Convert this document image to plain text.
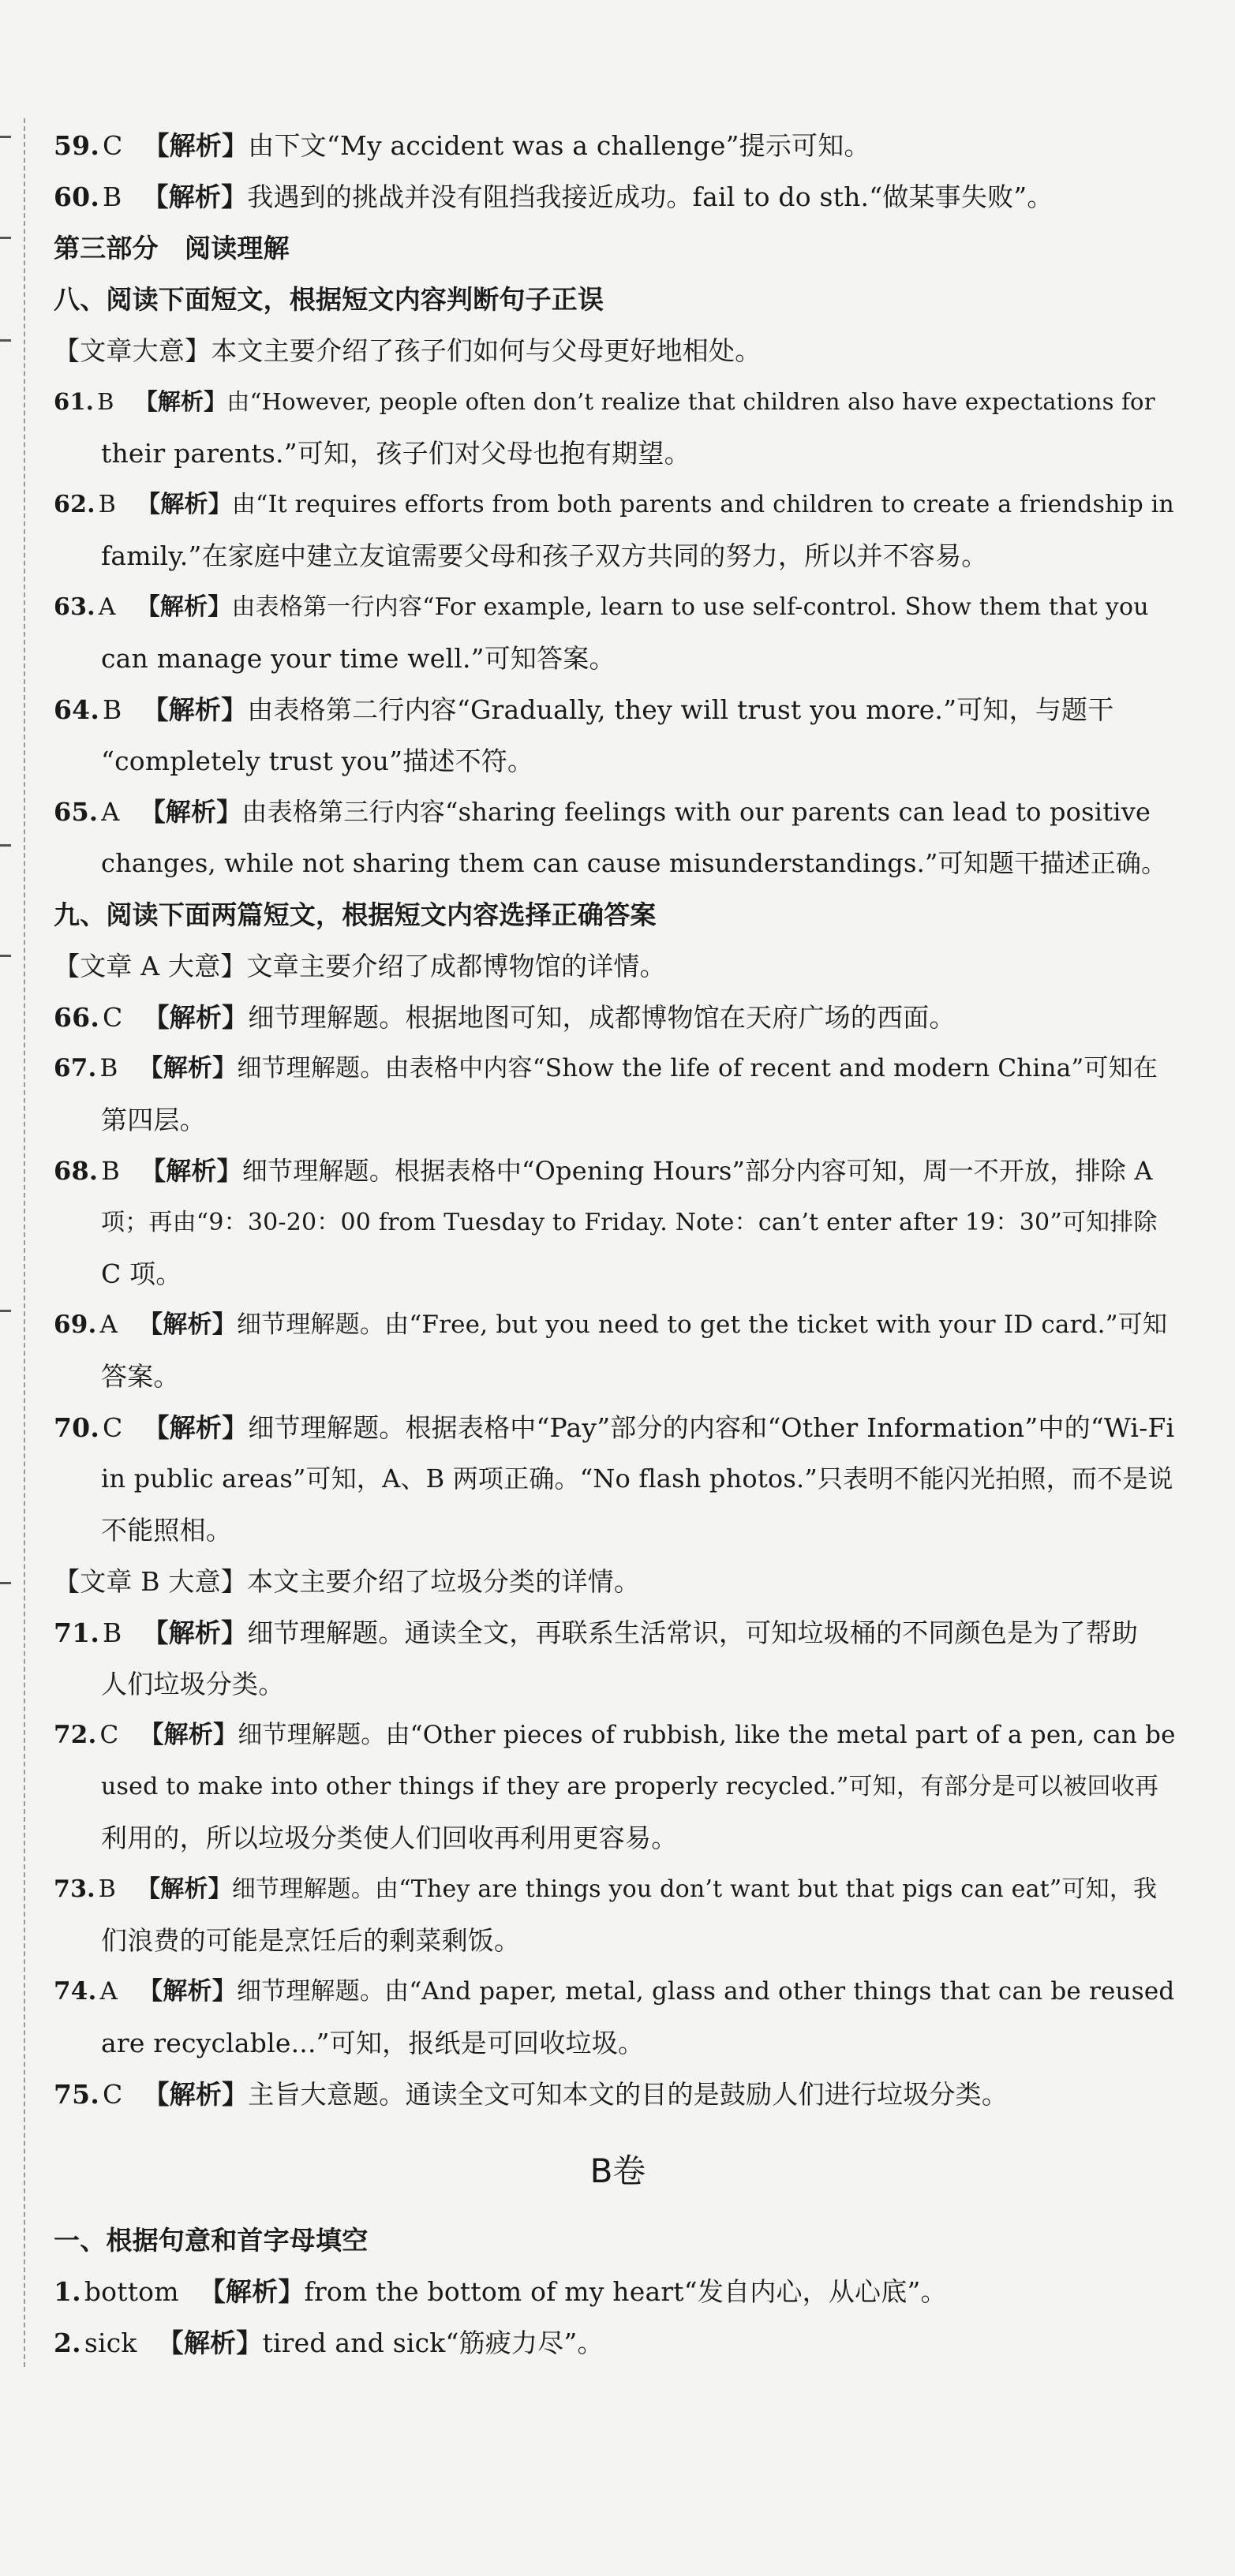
59. C 【解析】由下文“My accident was a challenge”提示可知。
60. B 【解析】我遇到的挑战并没有阻挡我接近成功。fail to do sth.“做某事失败”。
第三部分　阅读理解
八、阅读下面短文，根据短文内容判断句子正误
【文章大意】本文主要介绍了孩子们如何与父母更好地相处。
61. B 【解析】由“However, people often don’t realize that children also have expectations for
their parents.”可知，孩子们对父母也抱有期望。
62. B 【解析】由“It requires efforts from both parents and children to create a friendship in
family.”在家庭中建立友谊需要父母和孩子双方共同的努力，所以并不容易。
63. A 【解析】由表格第一行内容“For example, learn to use self-control. Show them that you
can manage your time well.”可知答案。
64. B 【解析】由表格第二行内容“Gradually, they will trust you more.”可知，与题干
“completely trust you”描述不符。
65. A 【解析】由表格第三行内容“sharing feelings with our parents can lead to positive
changes, while not sharing them can cause misunderstandings.”可知题干描述正确。
九、阅读下面两篇短文，根据短文内容选择正确答案
【文章 A 大意】文章主要介绍了成都博物馆的详情。
66. C 【解析】细节理解题。根据地图可知，成都博物馆在天府广场的西面。
67. B 【解析】细节理解题。由表格中内容“Show the life of recent and modern China”可知在
第四层。
68. B 【解析】细节理解题。根据表格中“Opening Hours”部分内容可知，周一不开放，排除 A
项；再由“9：30-20：00 from Tuesday to Friday. Note：can’t enter after 19：30”可知排除
C 项。
69. A 【解析】细节理解题。由“Free, but you need to get the ticket with your ID card.”可知
答案。
70. C 【解析】细节理解题。根据表格中“Pay”部分的内容和“Other Information”中的“Wi-Fi
in public areas”可知，A、B 两项正确。“No flash photos.”只表明不能闪光拍照，而不是说
不能照相。
【文章 B 大意】本文主要介绍了垃圾分类的详情。
71. B 【解析】细节理解题。通读全文，再联系生活常识，可知垃圾桶的不同颜色是为了帮助
人们垃圾分类。
72. C 【解析】细节理解题。由“Other pieces of rubbish, like the metal part of a pen, can be
used to make into other things if they are properly recycled.”可知，有部分是可以被回收再
利用的，所以垃圾分类使人们回收再利用更容易。
73. B 【解析】细节理解题。由“They are things you don’t want but that pigs can eat”可知，我
们浪费的可能是烹饪后的剩菜剩饭。
74. A 【解析】细节理解题。由“And paper, metal, glass and other things that can be reused
are recyclable...”可知，报纸是可回收垃圾。
75. C 【解析】主旨大意题。通读全文可知本文的目的是鼓励人们进行垃圾分类。
B卷
一、根据句意和首字母填空
1. bottom 【解析】from the bottom of my heart“发自内心，从心底”。
2. sick 【解析】tired and sick“筋疲力尽”。
